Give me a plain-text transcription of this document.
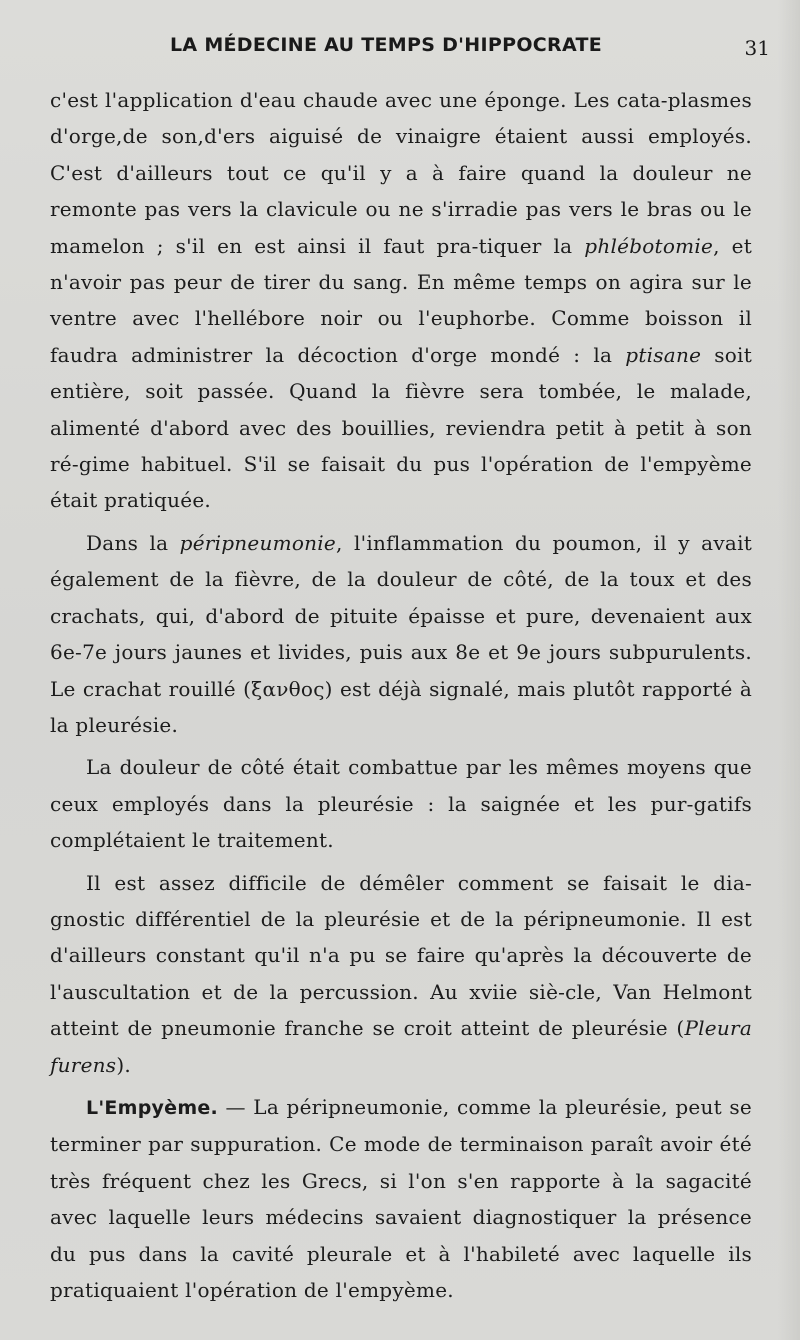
LA MÉDECINE AU TEMPS D'HIPPOCRATE	31

c'est l'application d'eau chaude avec une éponge. Les cata-plasmes d'orge,de son,d'ers aiguisé de vinaigre étaient aussi employés. C'est d'ailleurs tout ce qu'il y a à faire quand la douleur ne remonte pas vers la clavicule ou ne s'irradie pas vers le bras ou le mamelon ; s'il en est ainsi il faut pra-tiquer la phlébotomie, et n'avoir pas peur de tirer du sang. En même temps on agira sur le ventre avec l'hellébore noir ou l'euphorbe. Comme boisson il faudra administrer la décoction d'orge mondé : la ptisane soit entière, soit passée. Quand la fièvre sera tombée, le malade, alimenté d'abord avec des bouillies, reviendra petit à petit à son ré-gime habituel. S'il se faisait du pus l'opération de l'empyème était pratiquée.

Dans la péripneumonie, l'inflammation du poumon, il y avait également de la fièvre, de la douleur de côté, de la toux et des crachats, qui, d'abord de pituite épaisse et pure, devenaient aux 6e-7e jours jaunes et livides, puis aux 8e et 9e jours subpurulents. Le crachat rouillé (ξανθος) est déjà signalé, mais plutôt rapporté à la pleurésie.

La douleur de côté était combattue par les mêmes moyens que ceux employés dans la pleurésie : la saignée et les pur-gatifs complétaient le traitement.

Il est assez difficile de démêler comment se faisait le dia-gnostic différentiel de la pleurésie et de la péripneumonie. Il est d'ailleurs constant qu'il n'a pu se faire qu'après la découverte de l'auscultation et de la percussion. Au xviie siè-cle, Van Helmont atteint de pneumonie franche se croit atteint de pleurésie (Pleura furens).

L'Empyème. — La péripneumonie, comme la pleurésie, peut se terminer par suppuration. Ce mode de terminaison paraît avoir été très fréquent chez les Grecs, si l'on s'en rapporte à la sagacité avec laquelle leurs médecins savaient diagnostiquer la présence du pus dans la cavité pleurale et à l'habileté avec laquelle ils pratiquaient l'opération de l'empyème.
